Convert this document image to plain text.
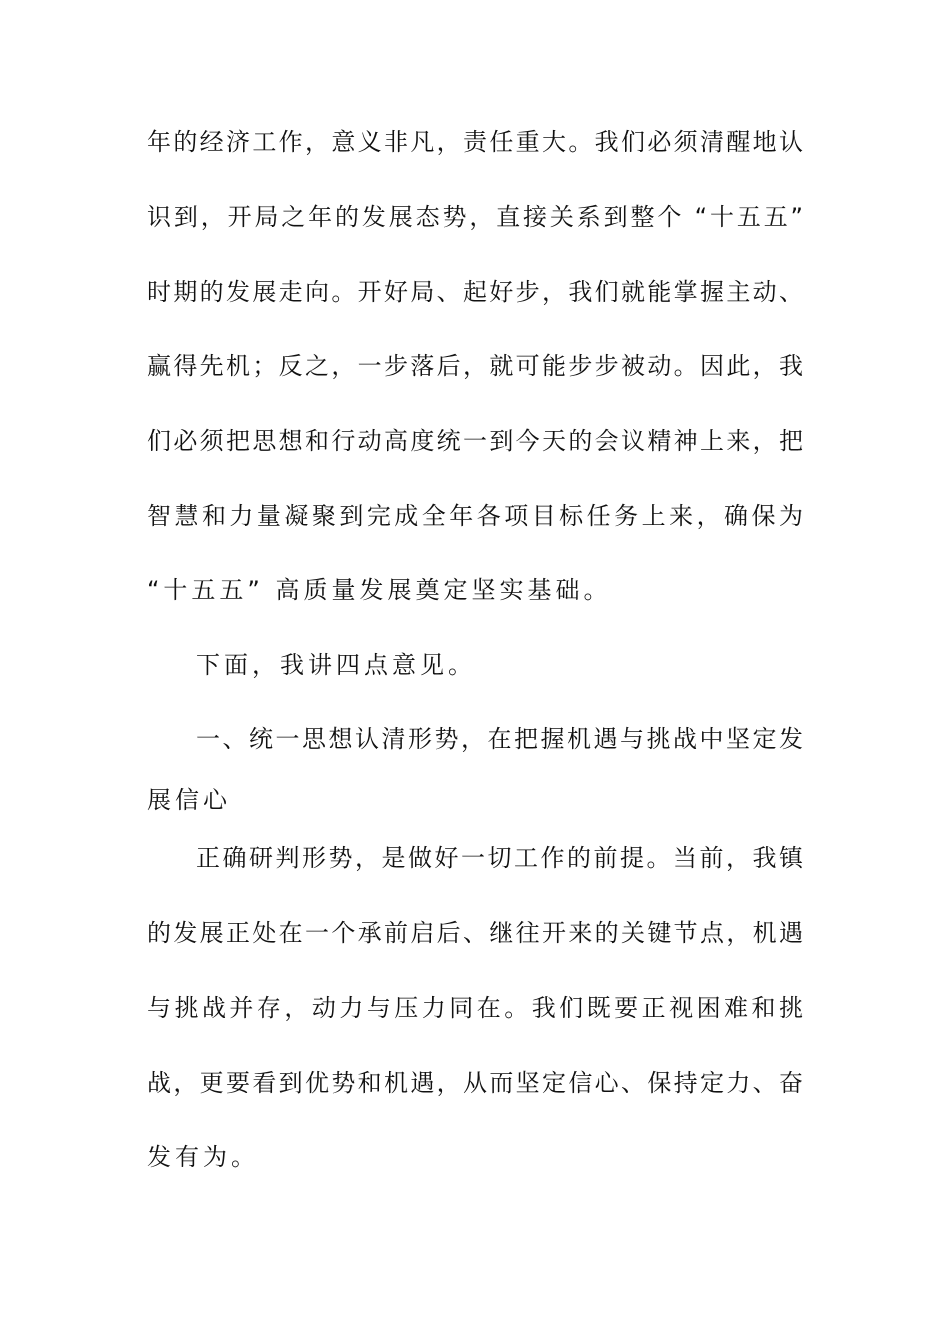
年的经济工作，意义非凡，责任重大。我们必须清醒地认
识到，开局之年的发展态势，直接关系到整个 “十五五”
时期的发展走向。开好局、起好步，我们就能掌握主动、
赢得先机；反之，一步落后，就可能步步被动。因此，我
们必须把思想和行动高度统一到今天的会议精神上来，把
智慧和力量凝聚到完成全年各项目标任务上来，确保为
“十五五” 高质量发展奠定坚实基础。
下面，我讲四点意见。
一、统一思想认清形势，在把握机遇与挑战中坚定发
展信心
正确研判形势，是做好一切工作的前提。当前，我镇
的发展正处在一个承前启后、继往开来的关键节点，机遇
与挑战并存，动力与压力同在。我们既要正视困难和挑
战，更要看到优势和机遇，从而坚定信心、保持定力、奋
发有为。
